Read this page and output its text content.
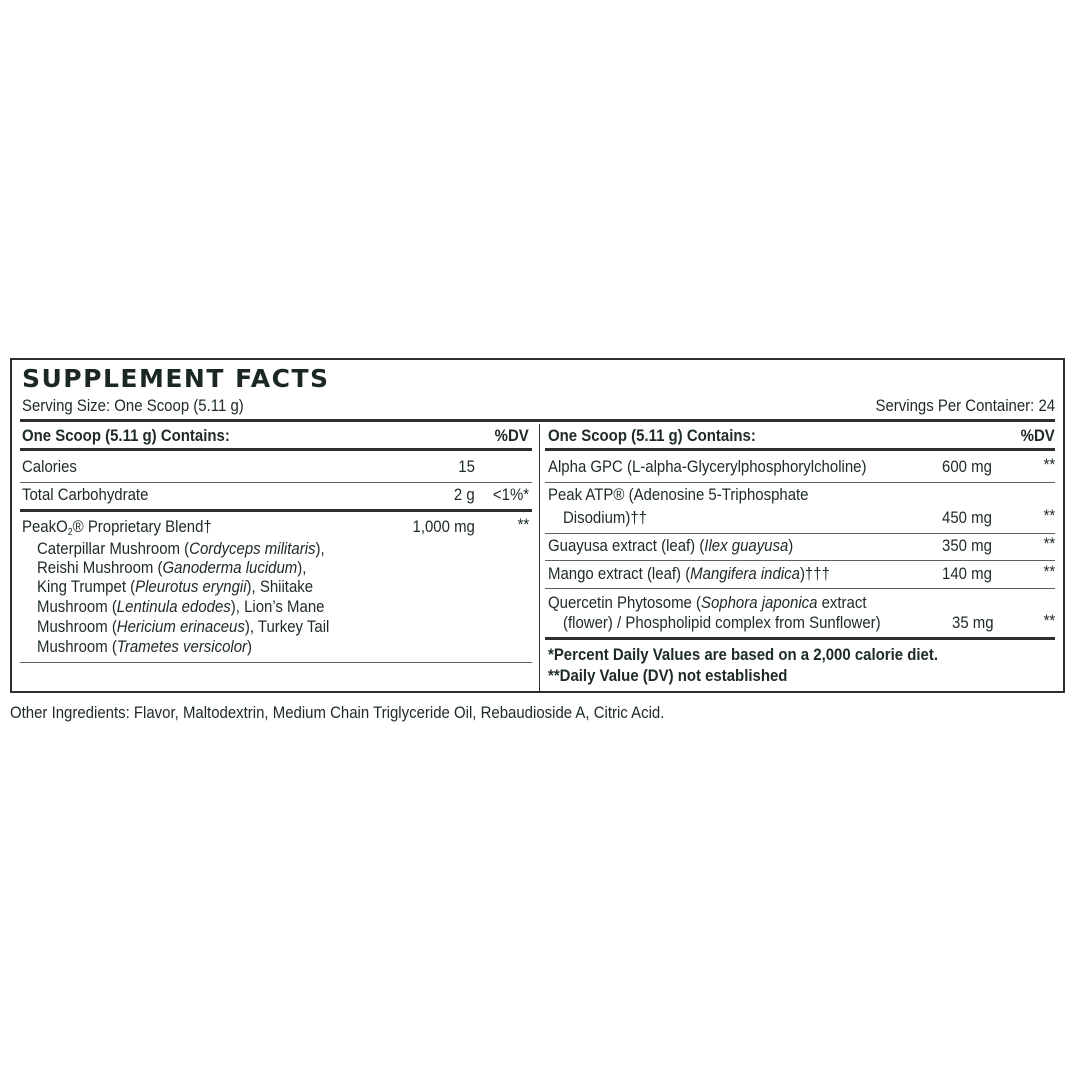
SUPPLEMENT FACTS
Serving Size: One Scoop (5.11 g)	Servings Per Container: 24
One Scoop (5.11 g) Contains:	%DV
Calories	15
Total Carbohydrate	2 g <1%*
PeakO$_2$® Proprietary Blend†	1,000 mg **
Caterpillar Mushroom (Cordyceps militaris),
Reishi Mushroom (Ganoderma lucidum),
King Trumpet (Pleurotus eryngii), Shiitake
Mushroom (Lentinula edodes), Lion’s Mane
Mushroom (Hericium erinaceus), Turkey Tail
Mushroom (Trametes versicolor)
One Scoop (5.11 g) Contains:	%DV
Alpha GPC (L-alpha-Glycerylphosphorylcholine)	600 mg	**
Peak ATP® (Adenosine 5-Triphosphate
Disodium)††	450 mg	**
Guayusa extract (leaf) (Ilex guayusa)	350 mg	**
Mango extract (leaf) (Mangifera indica)†††	140 mg	**
Quercetin Phytosome (Sophora japonica extract
(flower) / Phospholipid complex from Sunflower)	35 mg	**
*Percent Daily Values are based on a 2,000 calorie diet.
**Daily Value (DV) not established
Other Ingredients: Flavor, Maltodextrin, Medium Chain Triglyceride Oil, Rebaudioside A, Citric Acid.
